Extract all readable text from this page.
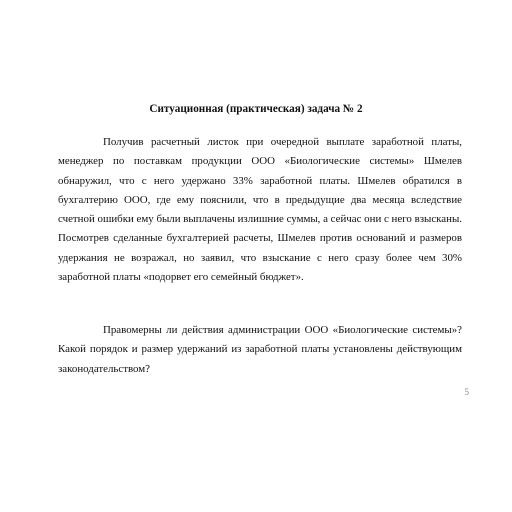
Ситуационная (практическая) задача № 2

Получив расчетный листок при очередной выплате заработной платы, менеджер по поставкам продукции ООО «Биологические системы» Шмелев обнаружил, что с него удержано 33% заработной платы. Шмелев обратился в бухгалтерию ООО, где ему пояснили, что в предыдущие два месяца вследствие счетной ошибки ему были выплачены излишние суммы, а сейчас они с него взысканы. Посмотрев сделанные бухгалтерией расчеты, Шмелев против оснований и размеров удержания не возражал, но заявил, что взыскание с него сразу более чем 30% заработной платы «подорвет его семейный бюджет».

Правомерны ли действия администрации ООО «Биологические системы»? Какой порядок и размер удержаний из заработной платы установлены действующим законодательством?

5
